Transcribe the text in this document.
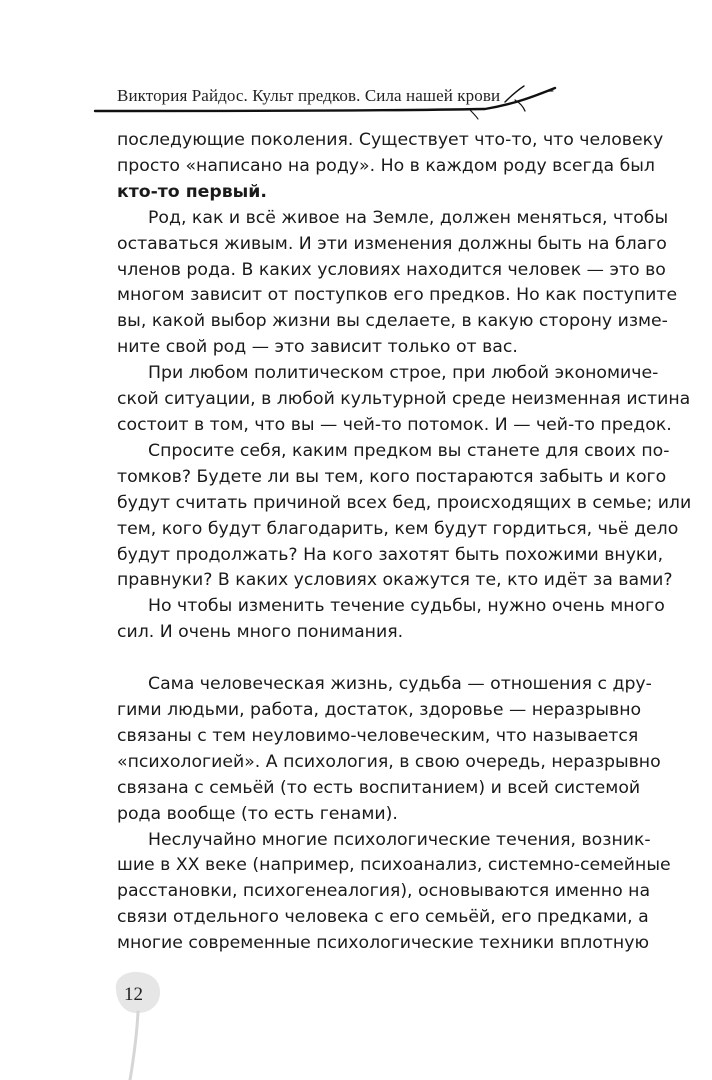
Виктория Райдос. Культ предков. Сила нашей крови

последующие поколения. Существует что-то, что человеку
просто «написано на роду». Но в каждом роду всегда был
кто-то первый.

Род, как и всё живое на Земле, должен меняться, чтобы
оставаться живым. И эти изменения должны быть на благо
членов рода. В каких условиях находится человек — это во
многом зависит от поступков его предков. Но как поступите
вы, какой выбор жизни вы сделаете, в какую сторону изме-
ните свой род — это зависит только от вас.

При любом политическом строе, при любой экономиче-
ской ситуации, в любой культурной среде неизменная истина
состоит в том, что вы — чей-то потомок. И — чей-то предок.

Спросите себя, каким предком вы станете для своих по-
томков? Будете ли вы тем, кого постараются забыть и кого
будут считать причиной всех бед, происходящих в семье; или
тем, кого будут благодарить, кем будут гордиться, чьё дело
будут продолжать? На кого захотят быть похожими внуки,
правнуки? В каких условиях окажутся те, кто идёт за вами?

Но чтобы изменить течение судьбы, нужно очень много
сил. И очень много понимания.

Сама человеческая жизнь, судьба — отношения с дру-
гими людьми, работа, достаток, здоровье — неразрывно
связаны с тем неуловимо-человеческим, что называется
«психологией». А психология, в свою очередь, неразрывно
связана с семьёй (то есть воспитанием) и всей системой
рода вообще (то есть генами).

Неслучайно многие психологические течения, возник-
шие в XX веке (например, психоанализ, системно-семейные
расстановки, психогенеалогия), основываются именно на
связи отдельного человека с его семьёй, его предками, а
многие современные психологические техники вплотную

12
